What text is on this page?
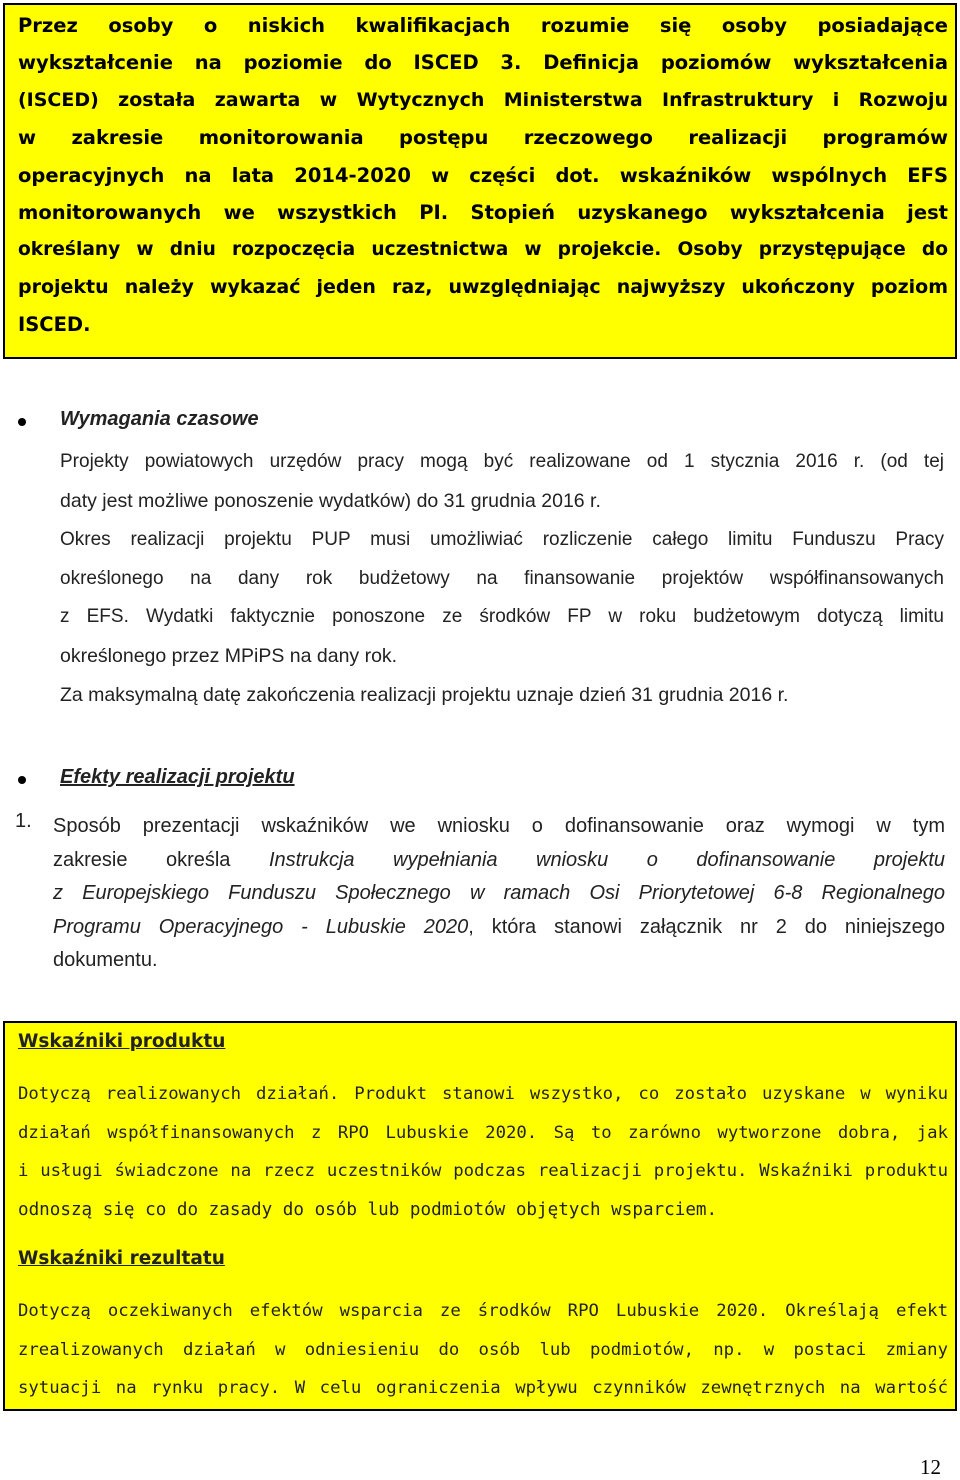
Przez osoby o niskich kwalifikacjach rozumie się osoby posiadające
wykształcenie na poziomie do ISCED 3. Definicja poziomów wykształcenia
(ISCED) została zawarta w Wytycznych Ministerstwa Infrastruktury i Rozwoju
w zakresie monitorowania postępu rzeczowego realizacji programów
operacyjnych na lata 2014-2020 w części dot. wskaźników wspólnych EFS
monitorowanych we wszystkich PI. Stopień uzyskanego wykształcenia jest
określany w dniu rozpoczęcia uczestnictwa w projekcie. Osoby przystępujące do
projektu należy wykazać jeden raz, uwzględniając najwyższy ukończony poziom
ISCED.

Wymagania czasowe

Projekty powiatowych urzędów pracy mogą być realizowane od 1 stycznia 2016 r. (od tej
daty jest możliwe ponoszenie wydatków) do 31 grudnia 2016 r.

Okres realizacji projektu PUP musi umożliwiać rozliczenie całego limitu Funduszu Pracy
określonego na dany rok budżetowy na finansowanie projektów współfinansowanych
z EFS. Wydatki faktycznie ponoszone ze środków FP w roku budżetowym dotyczą limitu
określonego przez MPiPS na dany rok.

Za maksymalną datę zakończenia realizacji projektu uznaje dzień 31 grudnia 2016 r.

Efekty realizacji projektu
1. Sposób prezentacji wskaźników we wniosku o dofinansowanie oraz wymogi w tym
zakresie określa Instrukcja wypełniania wniosku o dofinansowanie projektu
z Europejskiego Funduszu Społecznego w ramach Osi Priorytetowej 6-8 Regionalnego
Programu Operacyjnego - Lubuskie 2020, która stanowi załącznik nr 2 do niniejszego
dokumentu.

Wskaźniki produktu

Dotyczą realizowanych działań. Produkt stanowi wszystko, co zostało uzyskane w wyniku
działań współfinansowanych z RPO Lubuskie 2020. Są to zarówno wytworzone dobra, jak
i usługi świadczone na rzecz uczestników podczas realizacji projektu. Wskaźniki produktu
odnoszą się co do zasady do osób lub podmiotów objętych wsparciem.

Wskaźniki rezultatu

Dotyczą oczekiwanych efektów wsparcia ze środków RPO Lubuskie 2020. Określają efekt
zrealizowanych działań w odniesieniu do osób lub podmiotów, np. w postaci zmiany
sytuacji na rynku pracy. W celu ograniczenia wpływu czynników zewnętrznych na wartość

12
